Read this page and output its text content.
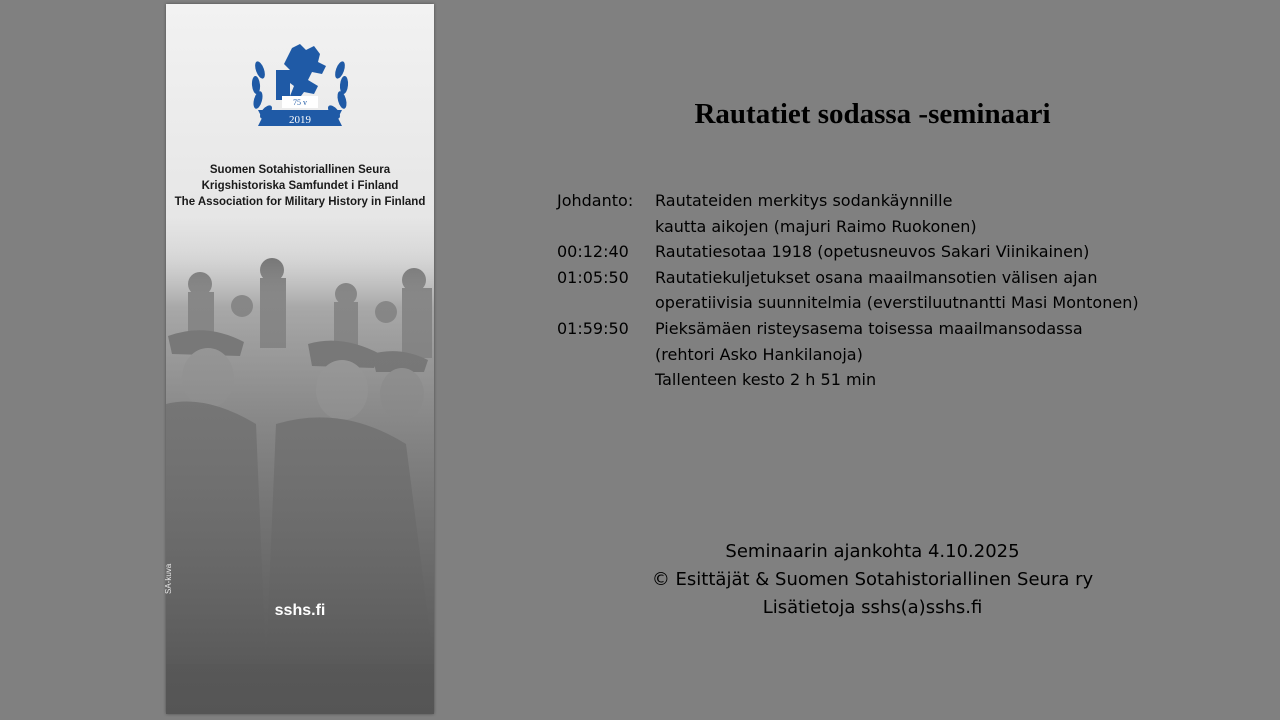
75 v
2019
Suomen Sotahistoriallinen Seura
Krigshistoriska Samfundet i Finland
The Association for Military History in Finland
SA-kuva
sshs.fi
Rautatiet sodassa -seminaari
Johdanto:	Rautateiden merkitys sodankäynnille
kautta aikojen (majuri Raimo Ruokonen)
00:12:40	Rautatiesotaa 1918 (opetusneuvos Sakari Viinikainen)
01:05:50	Rautatiekuljetukset osana maailmansotien välisen ajan
operatiivisia suunnitelmia (everstiluutnantti Masi Montonen)
01:59:50	Pieksämäen risteysasema toisessa maailmansodassa
(rehtori Asko Hankilanoja)
Tallenteen kesto 2 h 51 min
Seminaarin ajankohta 4.10.2025
© Esittäjät & Suomen Sotahistoriallinen Seura ry
Lisätietoja sshs(a)sshs.fi
